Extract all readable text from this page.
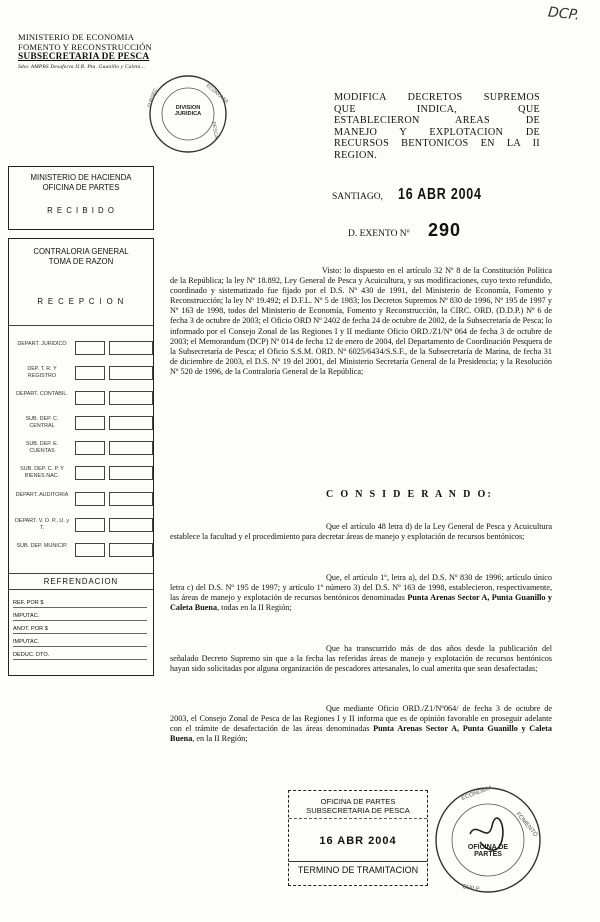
DCP.
MINISTERIO DE ECONOMIA
FOMENTO Y RECONSTRUCCIÓN
SUBSECRETARIA DE PESCA
Sdoc AMPBS Desafecta II R. Pta. Guanillo y Caleta...
ECONOMIA
PESCA
SUBSEC.	DIVISION JURIDICA
MODIFICA DECRETOS SUPREMOS
QUE INDICA, QUE
ESTABLECIERON AREAS DE
MANEJO Y EXPLOTACION DE
RECURSOS BENTONICOS EN LA II
REGION.
MINISTERIO DE HACIENDA
OFICINA DE PARTES
R E C I B I D O
CONTRALORIA GENERAL
TOMA DE RAZON
R E C E P C I O N
DEPART. JURIDICO
DEP. T. R. Y REGISTRO
DEPART. CONTABIL.
SUB. DEP. C. CENTRAL
SUB. DEP. E. CUENTAS
SUB. DEP. C. P. Y BIENES NAC.
DEPART. AUDITORIA
DEPART. V. O. P., U. y T.
SUB. DEP. MUNICIP.
REFRENDACION
REF. POR $
IMPUTAC.
ANOT. POR $
IMPUTAC.
DEDUC. DTO.
SANTIAGO, 16 ABR 2004
D. EXENTO Nº 290
Visto: lo dispuesto en el artículo 32 Nº 8 de la Constitución Política de la República; la ley Nº 18.892, Ley General de Pesca y Acuicultura, y sus modificaciones, cuyo texto refundido, coordinado y sistematizado fue fijado por el D.S. Nº 430 de 1991, del Ministerio de Economía, Fomento y Reconstrucción; la ley Nº 19.492; el D.F.L. Nº 5 de 1983; los Decretos Supremos Nº 830 de 1996, Nº 195 de 1997 y Nº 163 de 1998, todos del Ministerio de Economía, Fomento y Reconstrucción, la CIRC. ORD. (D.D.P.) Nº 6 de fecha 3 de octubre de 2003; el Oficio ORD Nº 2402 de fecha 24 de octubre de 2002, de la Subsecretaría de Pesca; lo informado por el Consejo Zonal de las Regiones I y II mediante Oficio ORD./Z1/Nº 064 de fecha 3 de octubre de 2003; el Memorandum (DCP) Nº 014 de fecha 12 de enero de 2004, del Departamento de Coordinación Pesquera de la Subsecretaría de Pesca; el Oficio S.S.M. ORD. Nº 6025/6434/S.S.F., de la Subsecretaría de Marina, de fecha 31 de diciembre de 2003, el D.S. Nº 19 del 2001, del Ministerio Secretaría General de la Presidencia; y la Resolución Nº 520 de 1996, de la Contraloría General de la República;
C O N S I D E R A N D O:
Que el artículo 48 letra d) de la Ley General de Pesca y Acuicultura establece la facultad y el procedimiento para decretar áreas de manejo y explotación de recursos bentónicos;
Que, el artículo 1º, letra a), del D.S. Nº 830 de 1996; artículo único letra c) del D.S. Nº 195 de 1997; y artículo 1º número 3) del D.S. Nº 163 de 1998, establecieron, respectivamente, las áreas de manejo y explotación de recursos bentónicos denominadas Punta Arenas Sector A, Punta Guanillo y Caleta Buena, todas en la II Región;
Que ha transcurrido más de dos años desde la publicación del señalado Decreto Supremo sin que a la fecha las referidas áreas de manejo y explotación de recursos bentónicos hayan sido solicitadas por alguna organización de pescadores artesanales, lo cual amerita que sean desafectadas;
Que mediante Oficio ORD./Z1/Nº064/ de fecha 3 de octubre de 2003, el Consejo Zonal de Pesca de las Regiones I y II informa que es de opinión favorable en proseguir adelante con el trámite de desafectación de las áreas denominadas Punta Arenas Sector A, Punta Guanillo y Caleta Buena, en la II Región;
OFICINA DE PARTES
SUBSECRETARIA DE PESCA
16 ABR 2004
TERMINO DE TRAMITACION
ECONOMIA
FOMENTO
CHILE
OFICINA DE PARTES
